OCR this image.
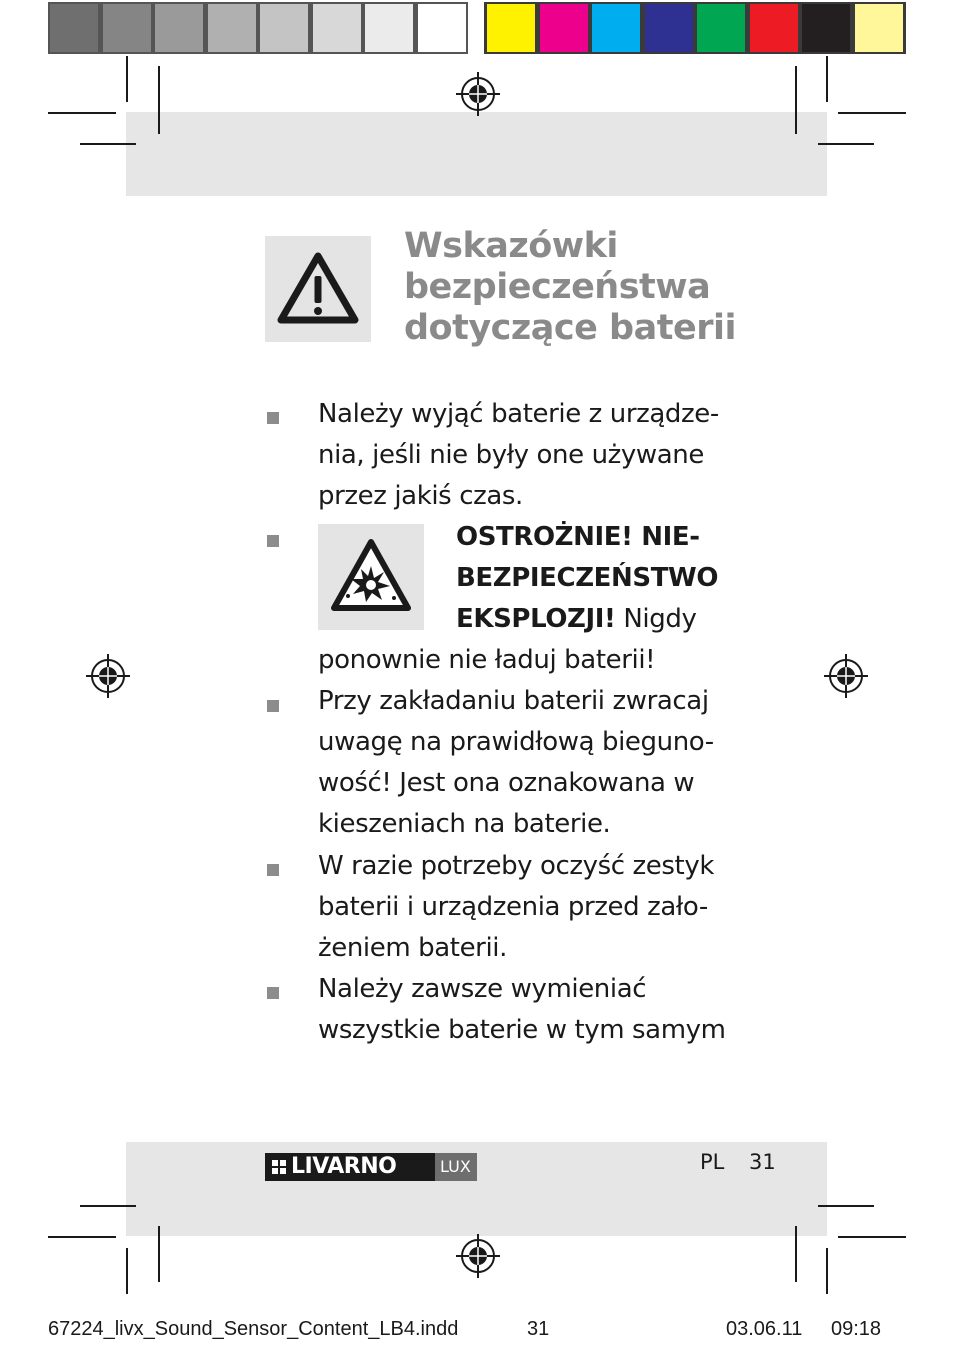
Wskazówki
bezpieczeństwa
dotyczące baterii
Należy wyjąć baterie z urządze-
nia, jeśli nie były one używane
przez jakiś czas.
OSTROŻNIE! NIE-
BEZPIECZEŃSTWO
EKSPLOZJI! Nigdy
ponownie nie ładuj baterii!
Przy zakładaniu baterii zwracaj
uwagę na prawidłową bieguno-
wość! Jest ona oznakowana w
kieszeniach na baterie.
W razie potrzeby oczyść zestyk
baterii i urządzenia przed zało-
żeniem baterii.
Należy zawsze wymieniać
wszystkie baterie w tym samym
LIVARNO	LUX	PL 31
67224_livx_Sound_Sensor_Content_LB4.indd	31	03.06.11 09:18
